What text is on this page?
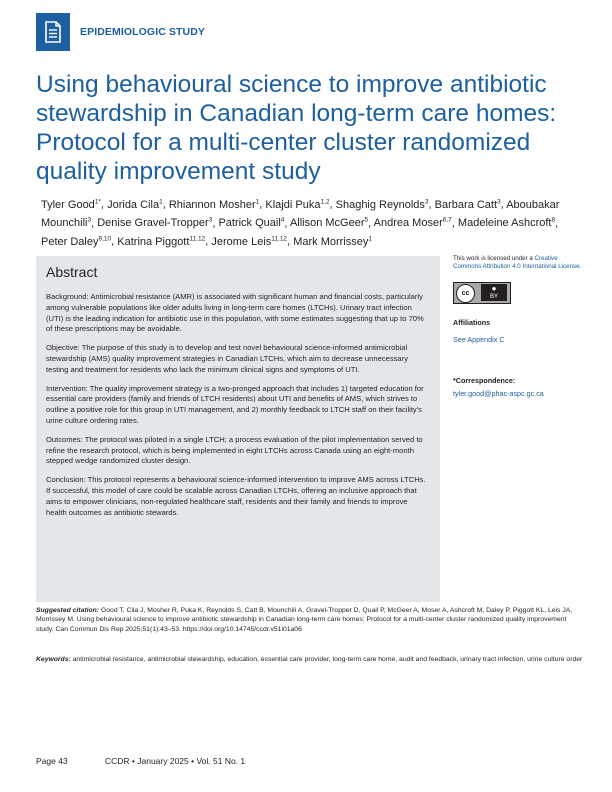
EPIDEMIOLOGIC STUDY
Using behavioural science to improve antibiotic stewardship in Canadian long-term care homes: Protocol for a multi-center cluster randomized quality improvement study
Tyler Good$^{1*}$, Jorida Cila$^1$, Rhiannon Mosher$^1$, Klajdi Puka$^{1,2}$, Shaghig Reynolds$^3$, Barbara Catt$^3$, Aboubakar Mounchili$^3$, Denise Gravel-Tropper$^3$, Patrick Quail$^4$, Allison McGeer$^5$, Andrea Moser$^{6,7}$, Madeleine Ashcroft$^8$, Peter Daley$^{9,10}$, Katrina Piggott$^{11,12}$, Jerome Leis$^{11,12}$, Mark Morrissey$^1$
Abstract

Background: Antimicrobial resistance (AMR) is associated with significant human and financial costs, particularly among vulnerable populations like older adults living in long-term care homes (LTCHs). Urinary tract infection (UTI) is the leading indication for antibiotic use in this population, with some estimates suggesting that up to 70% of these prescriptions may be avoidable.

Objective: The purpose of this study is to develop and test novel behavioural science-informed antimicrobial stewardship (AMS) quality improvement strategies in Canadian LTCHs, which aim to decrease unnecessary testing and treatment for residents who lack the minimum clinical signs and symptoms of UTI.

Intervention: The quality improvement strategy is a two-pronged approach that includes 1) targeted education for essential care providers (family and friends of LTCH residents) about UTI and benefits of AMS, which strives to outline a positive role for this group in UTI management, and 2) monthly feedback to LTCH staff on their facility's urine culture ordering rates.

Outcomes: The protocol was piloted in a single LTCH; a process evaluation of the pilot implementation served to refine the research protocol, which is being implemented in eight LTCHs across Canada using an eight-month stepped wedge randomized cluster design.

Conclusion: This protocol represents a behavioural science-informed intervention to improve AMS across LTCHs. If successful, this model of care could be scalable across Canadian LTCHs, offering an inclusive approach that aims to empower clinicians, non-regulated healthcare staff, residents and their family and friends to improve health outcomes as antibiotic stewards.

This work is licensed under a Creative Commons Attribution 4.0 International License.
cc
●
BY
Affiliations
See Appendix C
*Correspondence:
tyler.good@phac-aspc.gc.ca

Suggested citation: Good T, Cila J, Mosher R, Puka K, Reynolds S, Catt B, Mounchili A, Gravel-Tropper D, Quail P, McGeer A, Moser A, Ashcroft M, Daley P, Piggott KL, Leis JA, Morrissey M. Using behavioural science to improve antibiotic stewardship in Canadian long-term care homes: Protocol for a multi-center cluster randomized quality improvement study. Can Commun Dis Rep 2025;51(1):43–53. https://doi.org/10.14745/ccdr.v51i01a06

Keywords: antimicrobial resistance, antimicrobial stewardship, education, essential care provider, long-term care home, audit and feedback, urinary tract infection, urine culture order

Page 43	CCDR • January 2025 • Vol. 51 No. 1
